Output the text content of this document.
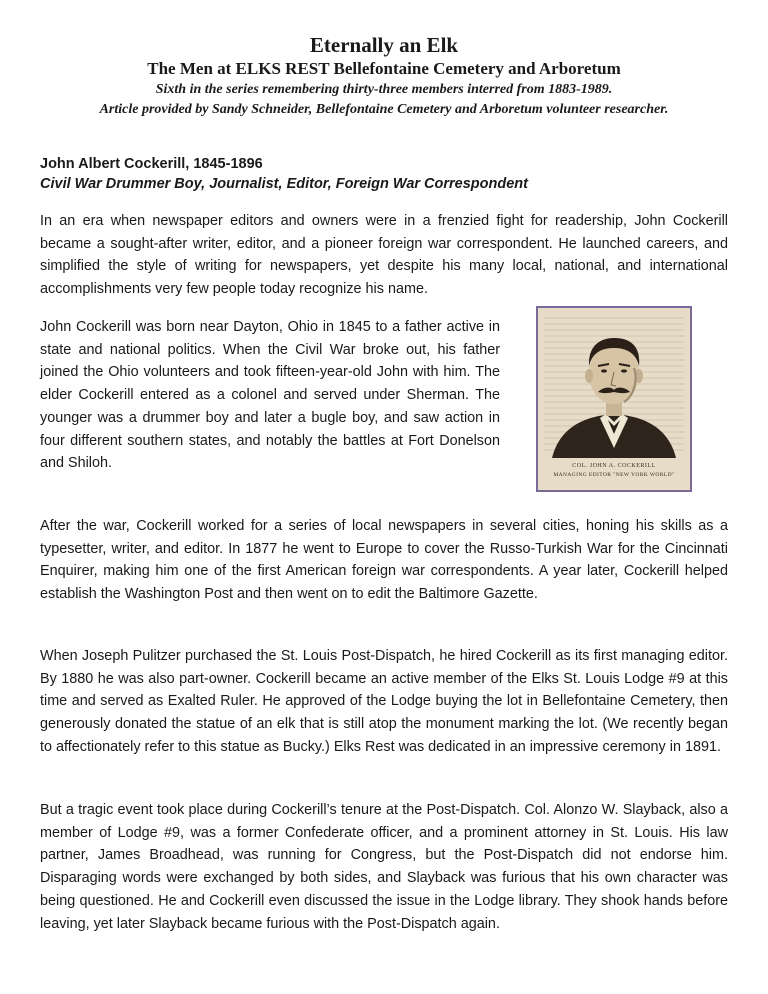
Eternally an Elk
The Men at ELKS REST Bellefontaine Cemetery and Arboretum
Sixth in the series remembering thirty-three members interred from 1883-1989.
Article provided by Sandy Schneider, Bellefontaine Cemetery and Arboretum volunteer researcher.
John Albert Cockerill, 1845-1896
Civil War Drummer Boy, Journalist, Editor, Foreign War Correspondent

In an era when newspaper editors and owners were in a frenzied fight for readership, John Cockerill became a sought-after writer, editor, and a pioneer foreign war correspondent. He launched careers, and simplified the style of writing for newspapers, yet despite his many local, national, and international accomplishments very few people today recognize his name.

John Cockerill was born near Dayton, Ohio in 1845 to a father active in state and national politics. When the Civil War broke out, his father joined the Ohio volunteers and took fifteen-year-old John with him. The elder Cockerill entered as a colonel and served under Sherman. The younger was a drummer boy and later a bugle boy, and saw action in four different southern states, and notably the battles at Fort Donelson and Shiloh.	COL. JOHN A. COCKERILL
MANAGING EDITOR "NEW YORK WORLD"

After the war, Cockerill worked for a series of local newspapers in several cities, honing his skills as a typesetter, writer, and editor. In 1877 he went to Europe to cover the Russo-Turkish War for the Cincinnati Enquirer, making him one of the first American foreign war correspondents. A year later, Cockerill helped establish the Washington Post and then went on to edit the Baltimore Gazette.

When Joseph Pulitzer purchased the St. Louis Post-Dispatch, he hired Cockerill as its first managing editor. By 1880 he was also part-owner. Cockerill became an active member of the Elks St. Louis Lodge #9 at this time and served as Exalted Ruler. He approved of the Lodge buying the lot in Bellefontaine Cemetery, then generously donated the statue of an elk that is still atop the monument marking the lot. (We recently began to affectionately refer to this statue as Bucky.) Elks Rest was dedicated in an impressive ceremony in 1891.

But a tragic event took place during Cockerill’s tenure at the Post-Dispatch. Col. Alonzo W. Slayback, also a member of Lodge #9, was a former Confederate officer, and a prominent attorney in St. Louis. His law partner, James Broadhead, was running for Congress, but the Post-Dispatch did not endorse him. Disparaging words were exchanged by both sides, and Slayback was furious that his own character was being questioned. He and Cockerill even discussed the issue in the Lodge library. They shook hands before leaving, yet later Slayback became furious with the Post-Dispatch again.
